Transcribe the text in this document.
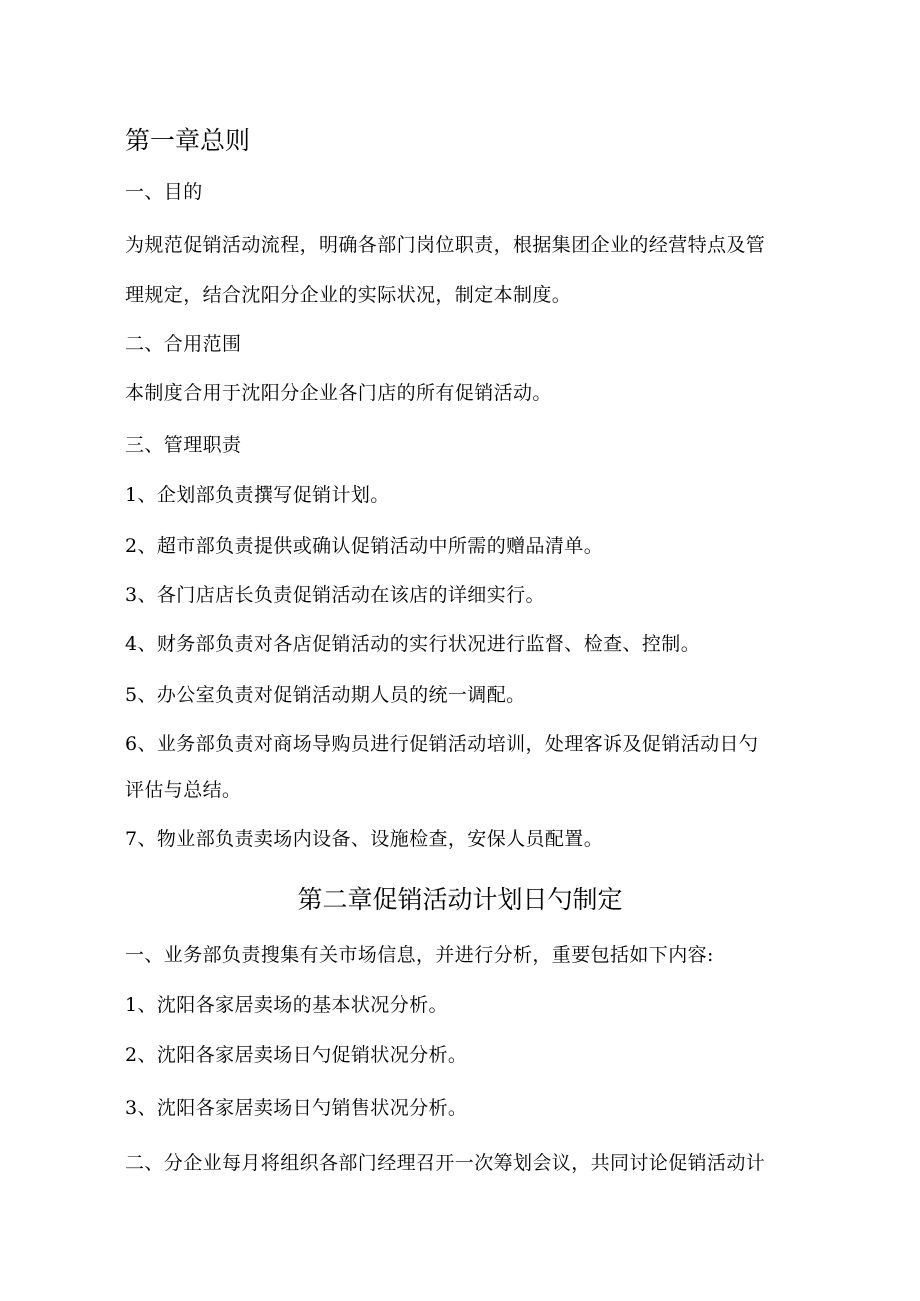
第一章总则
一、目的
为规范促销活动流程，明确各部门岗位职责，根据集团企业的经营特点及管
理规定，结合沈阳分企业的实际状况，制定本制度。
二、合用范围
本制度合用于沈阳分企业各门店的所有促销活动。
三、管理职责
1、企划部负责撰写促销计划。
2、超市部负责提供或确认促销活动中所需的赠品清单。
3、各门店店长负责促销活动在该店的详细实行。
4、财务部负责对各店促销活动的实行状况进行监督、检查、控制。
5、办公室负责对促销活动期人员的统一调配。
6、业务部负责对商场导购员进行促销活动培训，处理客诉及促销活动日勺
评估与总结。
7、物业部负责卖场内设备、设施检查，安保人员配置。
第二章促销活动计划日勺制定
一、业务部负责搜集有关市场信息，并进行分析，重要包括如下内容:
1、沈阳各家居卖场的基本状况分析。
2、沈阳各家居卖场日勺促销状况分析。
3、沈阳各家居卖场日勺销售状况分析。
二、分企业每月将组织各部门经理召开一次筹划会议，共同讨论促销活动计
